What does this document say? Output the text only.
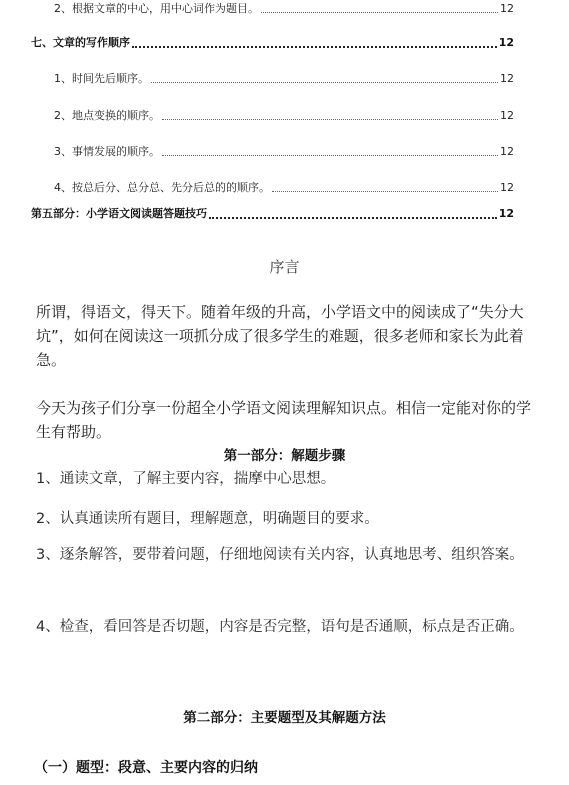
2、根据文章的中心，用中心词作为题目。	12
七、文章的写作顺序	12
1、时间先后顺序。	12
2、地点变换的顺序。	12
3、事情发展的顺序。	12
4、按总后分、总分总、先分后总的的顺序。	12
第五部分：小学语文阅读题答题技巧	12
序言
所谓，得语文，得天下。随着年级的升高，小学语文中的阅读成了“失分大坑”，如何在阅读这一项抓分成了很多学生的难题，很多老师和家长为此着急。
今天为孩子们分享一份超全小学语文阅读理解知识点。相信一定能对你的学生有帮助。
第一部分：解题步骤
1、通读文章，了解主要内容，揣摩中心思想。
2、认真通读所有题目，理解题意，明确题目的要求。
3、逐条解答，要带着问题，仔细地阅读有关内容，认真地思考、组织答案。
4、检查，看回答是否切题，内容是否完整，语句是否通顺，标点是否正确。
第二部分：主要题型及其解题方法
（一）题型：段意、主要内容的归纳
